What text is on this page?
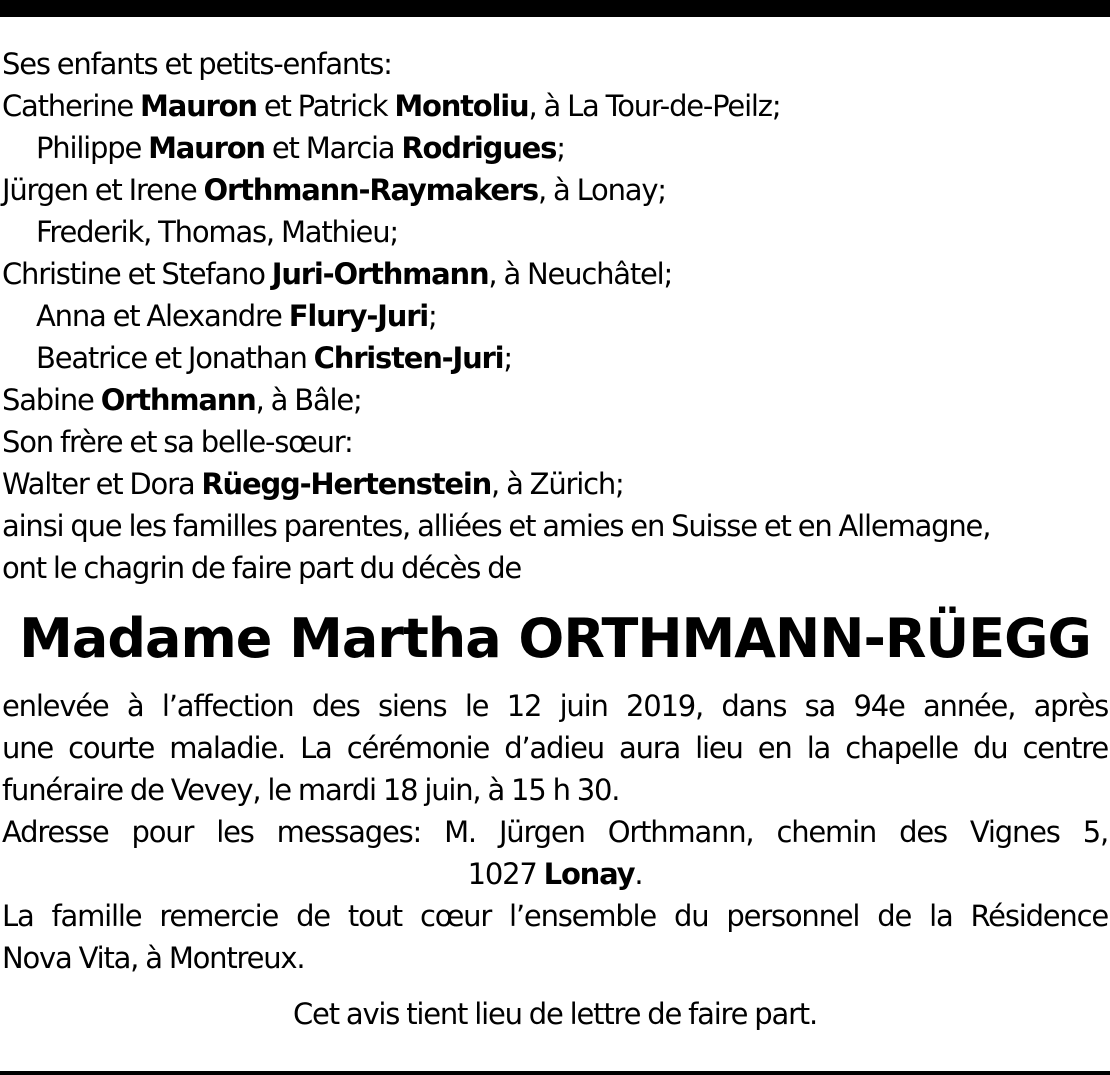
Ses enfants et petits-enfants:
Catherine Mauron et Patrick Montoliu, à La Tour-de-Peilz;
Philippe Mauron et Marcia Rodrigues;
Jürgen et Irene Orthmann-Raymakers, à Lonay;
Frederik, Thomas, Mathieu;
Christine et Stefano Juri-Orthmann, à Neuchâtel;
Anna et Alexandre Flury-Juri;
Beatrice et Jonathan Christen-Juri;
Sabine Orthmann, à Bâle;
Son frère et sa belle-sœur:
Walter et Dora Rüegg-Hertenstein, à Zürich;
ainsi que les familles parentes, alliées et amies en Suisse et en Allemagne,
ont le chagrin de faire part du décès de
Madame Martha ORTHMANN-RÜEGG
enlevée à l’affection des siens le 12 juin 2019, dans sa 94e année, après
une courte maladie. La cérémonie d’adieu aura lieu en la chapelle du centre
funéraire de Vevey, le mardi 18 juin, à 15 h 30.
Adresse pour les messages: M. Jürgen Orthmann, chemin des Vignes 5,
1027 Lonay.
La famille remercie de tout cœur l’ensemble du personnel de la Résidence
Nova Vita, à Montreux.
Cet avis tient lieu de lettre de faire part.
